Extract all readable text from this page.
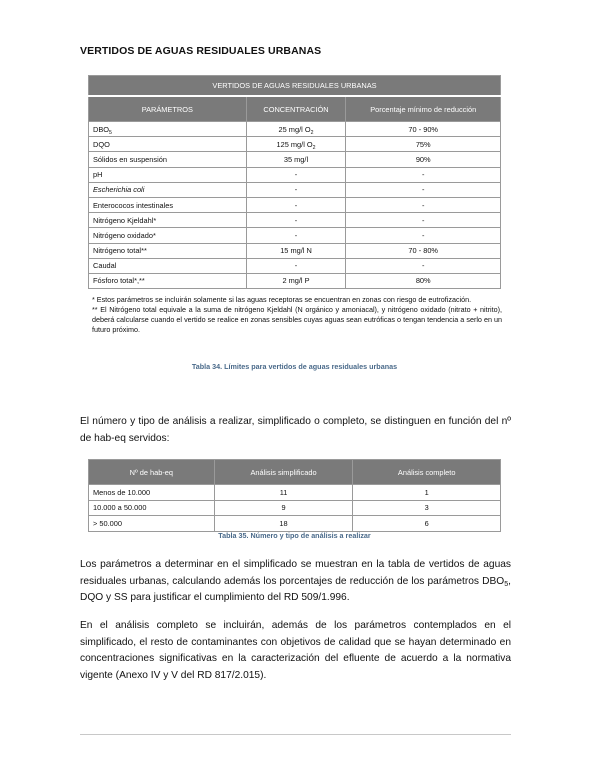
VERTIDOS DE AGUAS RESIDUALES URBANAS
VERTIDOS DE AGUAS RESIDUALES URBANAS		
PARÁMETROS	CONCENTRACIÓN	Porcentaje mínimo de reducción
$DBO_5$	25 mg/l $O_2$	70 - 90%
DQO	125 mg/l $O_2$	75%
Sólidos en suspensión	35 mg/l	90%
pH	-	-
Escherichia coli	-	-
Enterococos intestinales	-	-
Nitrógeno Kjeldahl*	-	-
Nitrógeno oxidado*	-	-
Nitrógeno total**	15 mg/l N	70 - 80%
Caudal	-	-
Fósforo total*,**	2 mg/l P	80%
* Estos parámetros se incluirán solamente si las aguas receptoras se encuentran en zonas con riesgo de eutrofización.
** El Nitrógeno total equivale a la suma de nitrógeno Kjeldahl (N orgánico y amoniacal), y nitrógeno oxidado (nitrato + nitrito), deberá calcularse cuando el vertido se realice en zonas sensibles cuyas aguas sean eutróficas o tengan tendencia a serlo en un futuro próximo.
Tabla 34. Límites para vertidos de aguas residuales urbanas
El número y tipo de análisis a realizar, simplificado o completo, se distinguen en función del nº de hab-eq servidos:
Nº de hab-eq	Análisis simplificado	Análisis completo
Menos de 10.000	11	1
10.000 a 50.000	9	3
> 50.000	18	6
Tabla 35. Número y tipo de análisis a realizar
Los parámetros a determinar en el simplificado se muestran en la tabla de vertidos de aguas residuales urbanas, calculando además los porcentajes de reducción de los parámetros $DBO_5$, DQO y SS para justificar el cumplimiento del RD 509/1.996.
En el análisis completo se incluirán, además de los parámetros contemplados en el simplificado, el resto de contaminantes con objetivos de calidad que se hayan determinado en concentraciones significativas en la caracterización del efluente de acuerdo a la normativa vigente (Anexo IV y V del RD 817/2.015).
